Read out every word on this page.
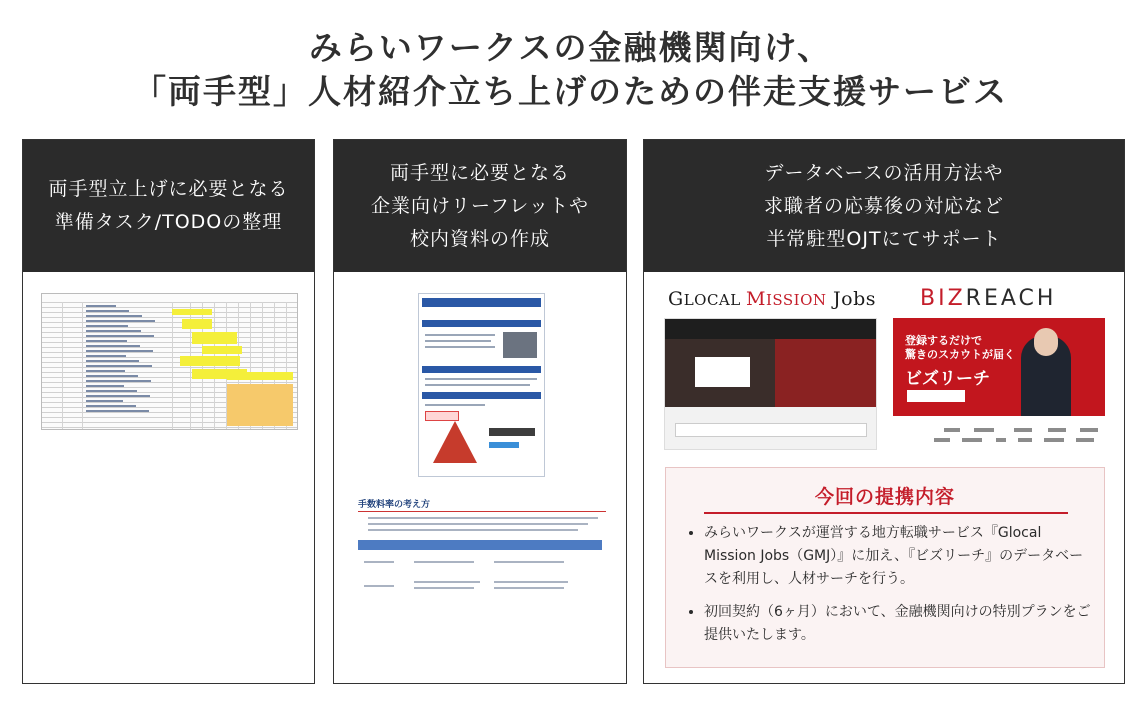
みらいワークスの金融機関向け、
「両手型」人材紹介立ち上げのための伴走支援サービス
両手型立上げに必要となる
準備タスク/TODOの整理
両手型に必要となる
企業向けリーフレットや
校内資料の作成
手数料率の考え方
データベースの活用方法や
求職者の応募後の対応など
半常駐型OJTにてサポート
GLOCAL MISSION Jobs BIZREACH
登録するだけで
驚きのスカウトが届く
ビズリーチ
今回の提携内容
• みらいワークスが運営する地方転職サービス『Glocal Mission Jobs（GMJ）』に加え、『ビズリーチ』のデータベースを利用し、人材サーチを行う。
• 初回契約（6ヶ月）において、金融機関向けの特別プランをご提供いたします。
